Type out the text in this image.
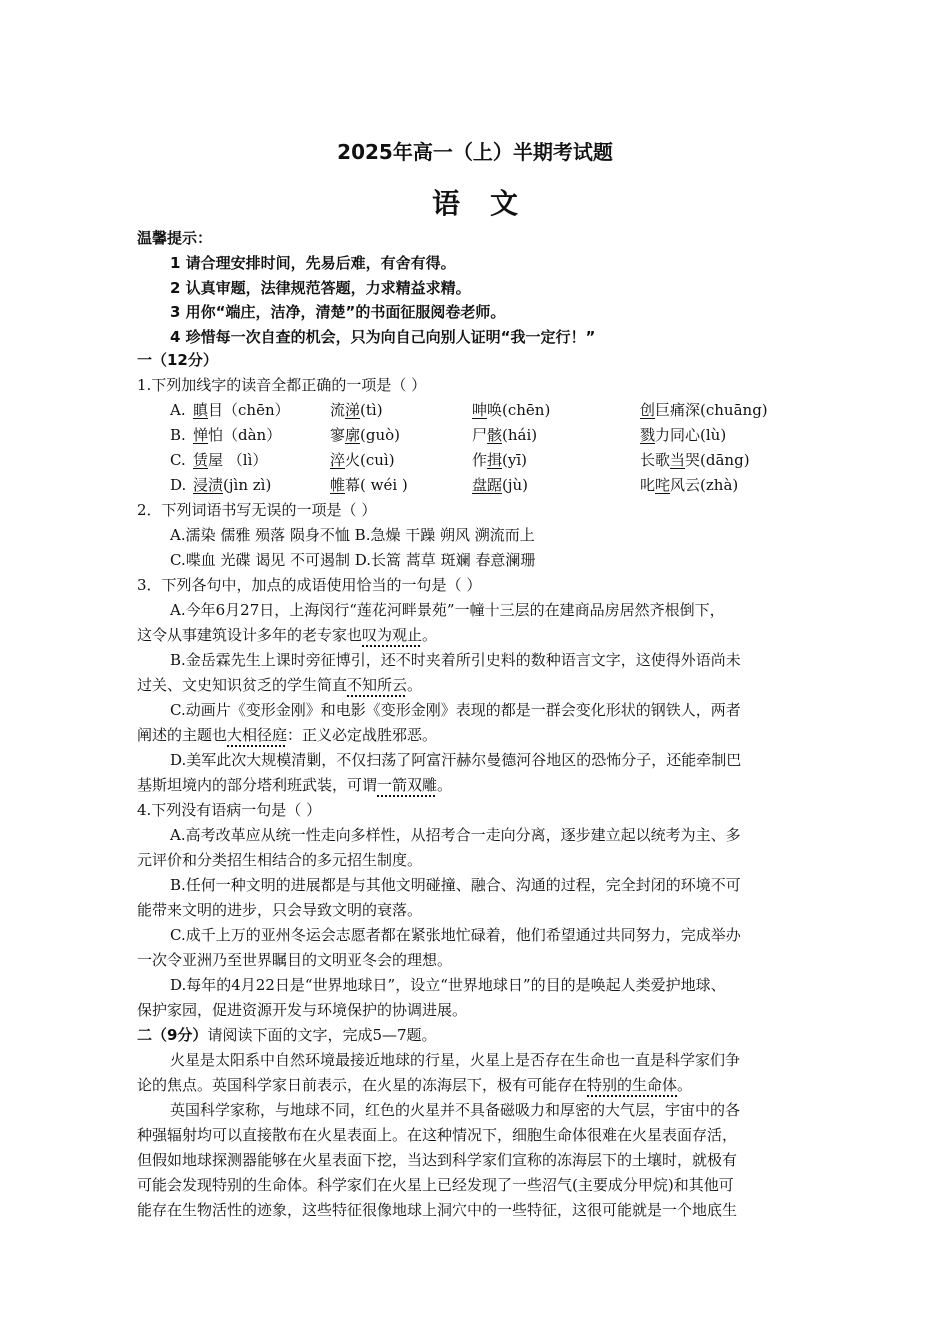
2025年高一（上）半期考试题
语文
温馨提示：
1 请合理安排时间，先易后难，有舍有得。
2 认真审题，法律规范答题，力求精益求精。
3 用你“端庄，洁净，清楚”的书面征服阅卷老师。
4 珍惜每一次自查的机会，只为向自己向别人证明“我一定行！”
一（12分）
1.下列加线字的读音全都正确的一项是（ ）
A. 瞋目（chēn）	流涕(tì)	呻唤(chēn)	创巨痛深(chuāng)
B. 惮怕（dàn）	寥廓(guò)	尸骸(hái)	戮力同心(lù)
C. 赁屋 （lì）	淬火(cuì)	作揖(yī)	长歌当哭(dāng)
D. 浸渍(jìn zì)	帷幕( wéi )	盘踞(jù)	叱咤风云(zhà)
2．下列词语书写无误的一项是（ ）
A.濡染 儒雅 殒落 陨身不恤 B.急燥 干躁 朔风 溯流而上
C.喋血 光碟 谒见 不可遏制 D.长篙 蒿草 斑斓 春意澜珊
3．下列各句中，加点的成语使用恰当的一句是（ ）
A.今年6月27日，上海闵行“莲花河畔景苑”一幢十三层的在建商品房居然齐根倒下，
这令从事建筑设计多年的老专家也叹为观止。
B.金岳霖先生上课时旁征博引，还不时夹着所引史料的数种语言文字，这使得外语尚未
过关、文史知识贫乏的学生简直不知所云。
C.动画片《变形金刚》和电影《变形金刚》表现的都是一群会变化形状的钢铁人，两者
阐述的主题也大相径庭：正义必定战胜邪恶。
D.美军此次大规模清剿，不仅扫荡了阿富汗赫尔曼德河谷地区的恐怖分子，还能牵制巴
基斯坦境内的部分塔利班武装，可谓一箭双雕。
4.下列没有语病一句是（ ）
A.高考改革应从统一性走向多样性，从招考合一走向分离，逐步建立起以统考为主、多
元评价和分类招生相结合的多元招生制度。
B.任何一种文明的进展都是与其他文明碰撞、融合、沟通的过程，完全封闭的环境不可
能带来文明的进步，只会导致文明的衰落。
C.成千上万的亚州冬运会志愿者都在紧张地忙碌着，他们希望通过共同努力，完成举办
一次令亚洲乃至世界瞩目的文明亚冬会的理想。
D.每年的4月22日是“世界地球日”，设立“世界地球日”的目的是唤起人类爱护地球、
保护家园，促进资源开发与环境保护的协调进展。
二（9分）请阅读下面的文字，完成5—7题。
火星是太阳系中自然环境最接近地球的行星，火星上是否存在生命也一直是科学家们争
论的焦点。英国科学家日前表示，在火星的冻海层下，极有可能存在特别的生命体。
英国科学家称，与地球不同，红色的火星并不具备磁吸力和厚密的大气层，宇宙中的各
种强辐射均可以直接散布在火星表面上。在这种情况下，细胞生命体很难在火星表面存活，
但假如地球探测器能够在火星表面下挖，当达到科学家们宣称的冻海层下的土壤时，就极有
可能会发现特别的生命体。科学家们在火星上已经发现了一些沼气(主要成分甲烷)和其他可
能存在生物活性的迹象，这些特征很像地球上洞穴中的一些特征，这很可能就是一个地底生
